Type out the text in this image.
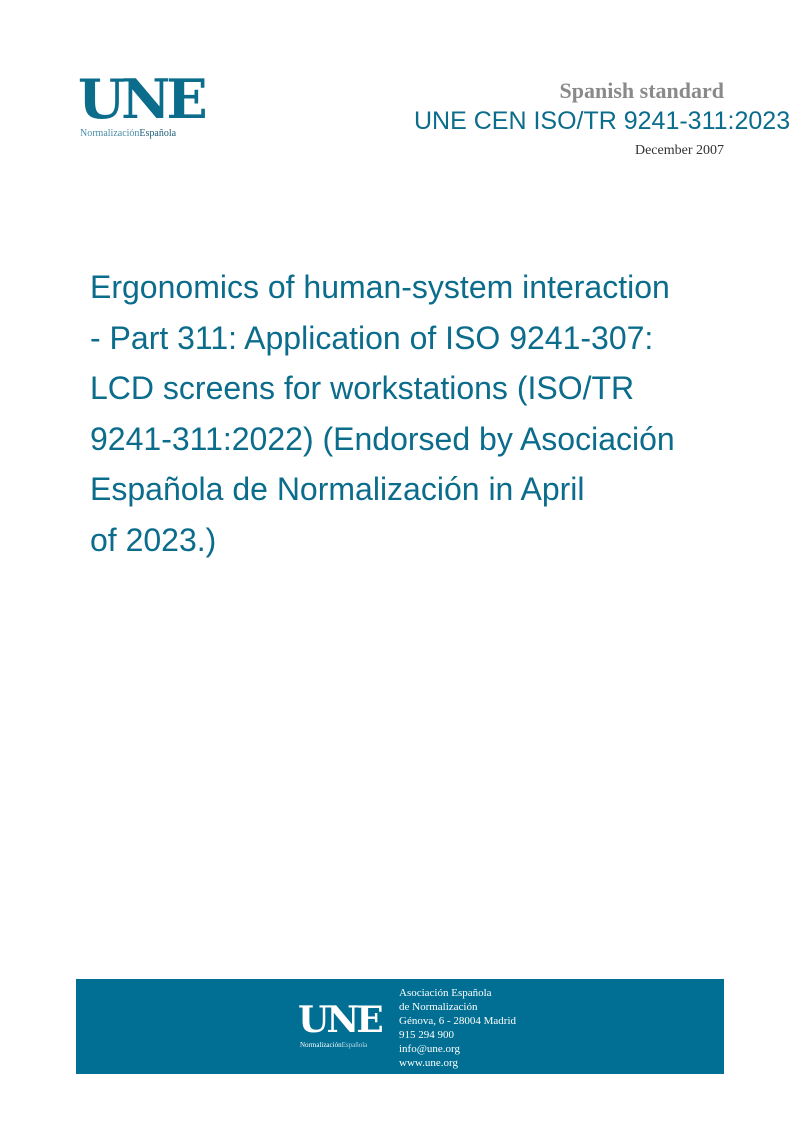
UNE
NormalizaciónEspañola
Spanish standard
UNE CEN ISO/TR 9241-311:2023
December 2007
Ergonomics of human-system interaction
- Part 311: Application of ISO 9241-307:
LCD screens for workstations (ISO/TR
9241-311:2022) (Endorsed by Asociación
Española de Normalización in April
of 2023.)
UNE
NormalizaciónEspañola
Asociación Española
de Normalización
Génova, 6 - 28004 Madrid
915 294 900
info@une.org
www.une.org
